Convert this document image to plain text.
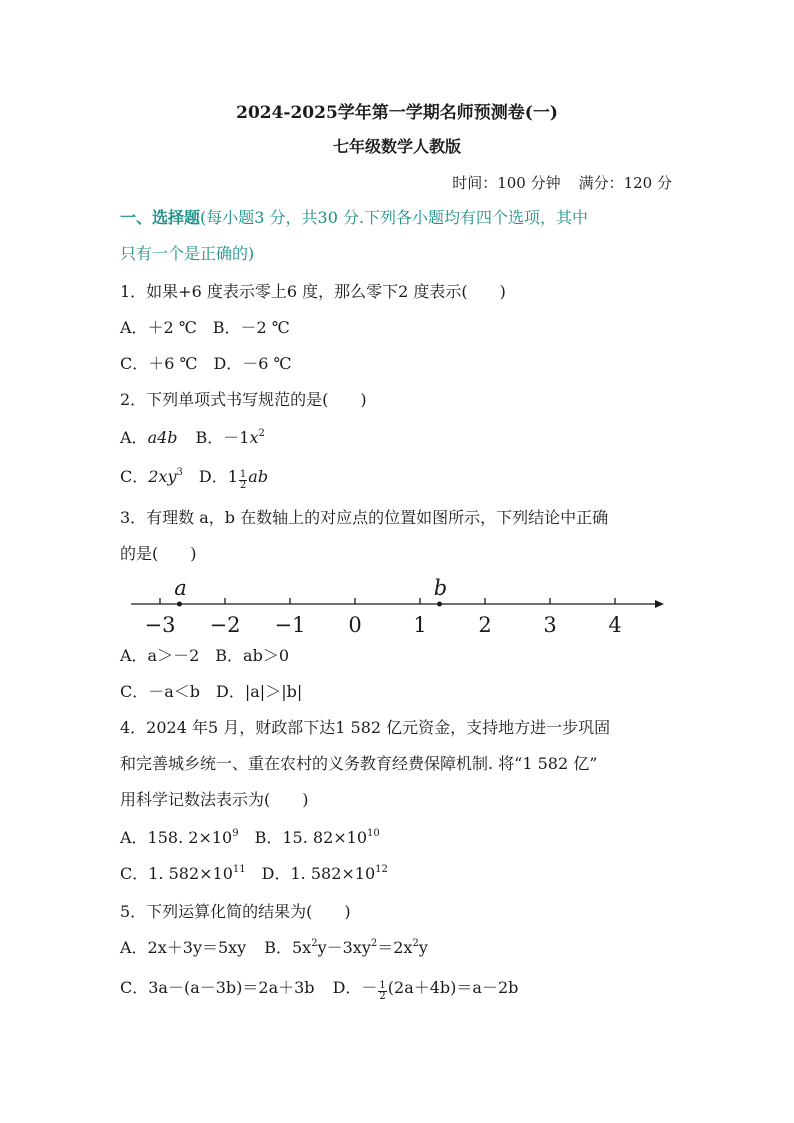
2024-2025学年第一学期名师预测卷(一)
七年级数学人教版
时间：100 分钟 满分：120 分
一、选择题(每小题3 分，共30 分.下列各小题均有四个选项，其中
只有一个是正确的)
1．如果+6 度表示零上6 度，那么零下2 度表示(　　)
A．＋2 ℃　 B．－2 ℃
C．＋6 ℃　 D．－6 ℃
2．下列单项式书写规范的是(　　)
A．a4b B．$-1x^2$
C．$2xy^3$　 D．$1 \frac{1}{2}$ ab
3．有理数 a，b 在数轴上的对应点的位置如图所示，下列结论中正确
的是(　　)
−3 −2 −1 0 1 2 3 4
a	b
A．a＞－2　 B．ab＞0
C．－a＜b　 D．|a|＞|b|
4．2024 年5 月，财政部下达1 582 亿元资金，支持地方进一步巩固
和完善城乡统一、重在农村的义务教育经费保障机制. 将“1 582 亿”
用科学记数法表示为(　　)
A．158. $2\times 10^9$　 B．15. $82\times 10^{10}$
C．1. $582\times 10^{11}$　 D．1. $582\times 10^{12}$
5．下列运算化简的结果为(　　)
A．2x＋3y＝5xy B．$5x^2y-3xy^2=2x^2y$
C．3a－(a－3b)＝2a＋3b D．－ $\frac{1}{2} (2a+4b)=a-2b$
